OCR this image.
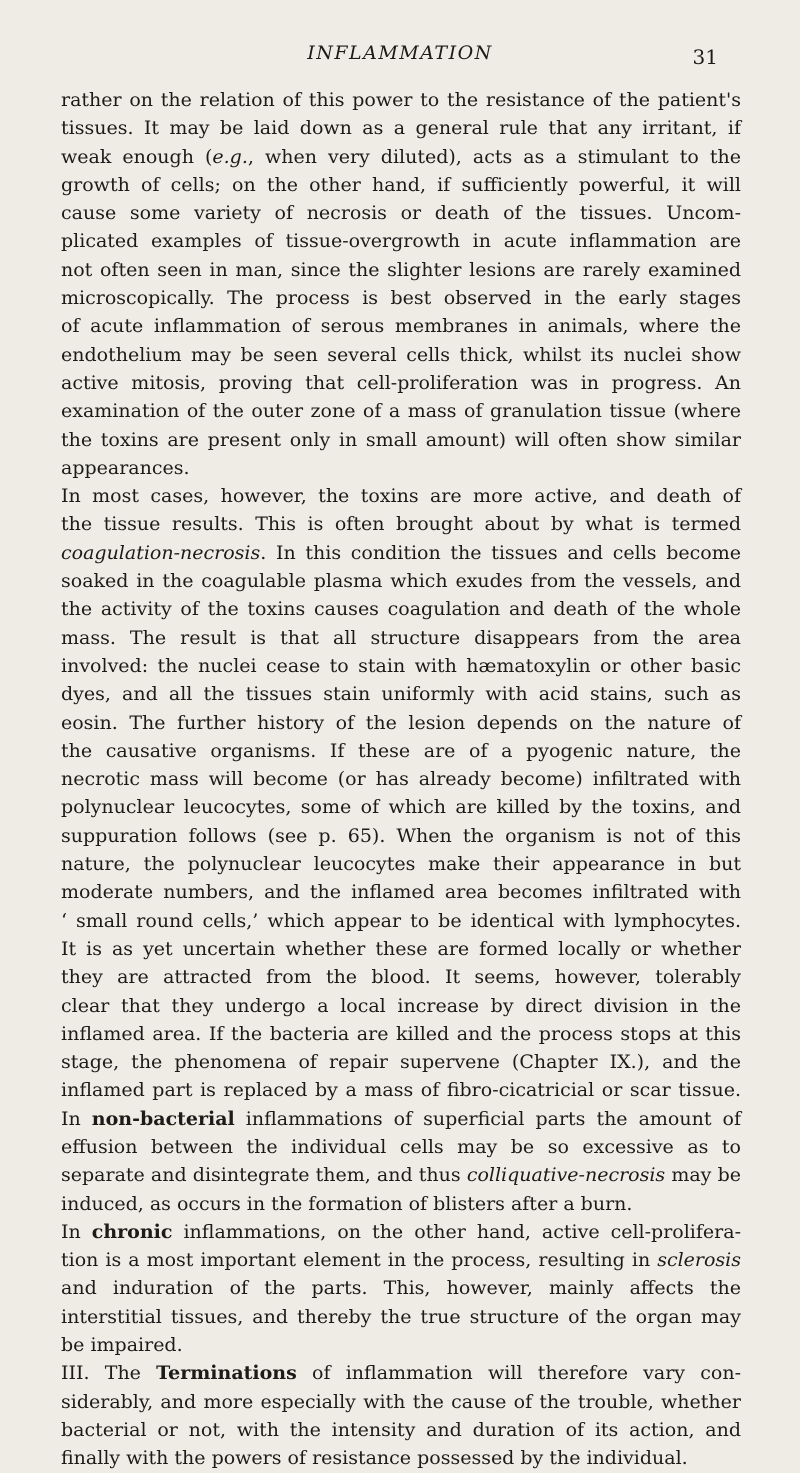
INFLAMMATION	31
rather on the relation of this power to the resistance of the patient's
tissues. It may be laid down as a general rule that any irritant, if
weak enough (e.g., when very diluted), acts as a stimulant to the
growth of cells; on the other hand, if sufficiently powerful, it will
cause some variety of necrosis or death of the tissues. Uncom-
plicated examples of tissue-overgrowth in acute inflammation are
not often seen in man, since the slighter lesions are rarely examined
microscopically. The process is best observed in the early stages
of acute inflammation of serous membranes in animals, where the
endothelium may be seen several cells thick, whilst its nuclei show
active mitosis, proving that cell-proliferation was in progress. An
examination of the outer zone of a mass of granulation tissue (where
the toxins are present only in small amount) will often show similar
appearances.
In most cases, however, the toxins are more active, and death of
the tissue results. This is often brought about by what is termed
coagulation-necrosis. In this condition the tissues and cells become
soaked in the coagulable plasma which exudes from the vessels, and
the activity of the toxins causes coagulation and death of the whole
mass. The result is that all structure disappears from the area
involved: the nuclei cease to stain with hæmatoxylin or other basic
dyes, and all the tissues stain uniformly with acid stains, such as
eosin. The further history of the lesion depends on the nature of
the causative organisms. If these are of a pyogenic nature, the
necrotic mass will become (or has already become) infiltrated with
polynuclear leucocytes, some of which are killed by the toxins, and
suppuration follows (see p. 65). When the organism is not of this
nature, the polynuclear leucocytes make their appearance in but
moderate numbers, and the inflamed area becomes infiltrated with
‘ small round cells,’ which appear to be identical with lymphocytes.
It is as yet uncertain whether these are formed locally or whether
they are attracted from the blood. It seems, however, tolerably
clear that they undergo a local increase by direct division in the
inflamed area. If the bacteria are killed and the process stops at this
stage, the phenomena of repair supervene (Chapter IX.), and the
inflamed part is replaced by a mass of fibro-cicatricial or scar tissue.
In non-bacterial inflammations of superficial parts the amount of
effusion between the individual cells may be so excessive as to
separate and disintegrate them, and thus colliquative-necrosis may be
induced, as occurs in the formation of blisters after a burn.
In chronic inflammations, on the other hand, active cell-prolifera-
tion is a most important element in the process, resulting in sclerosis
and induration of the parts. This, however, mainly affects the
interstitial tissues, and thereby the true structure of the organ may
be impaired.
III. The Terminations of inflammation will therefore vary con-
siderably, and more especially with the cause of the trouble, whether
bacterial or not, with the intensity and duration of its action, and
finally with the powers of resistance possessed by the individual.
